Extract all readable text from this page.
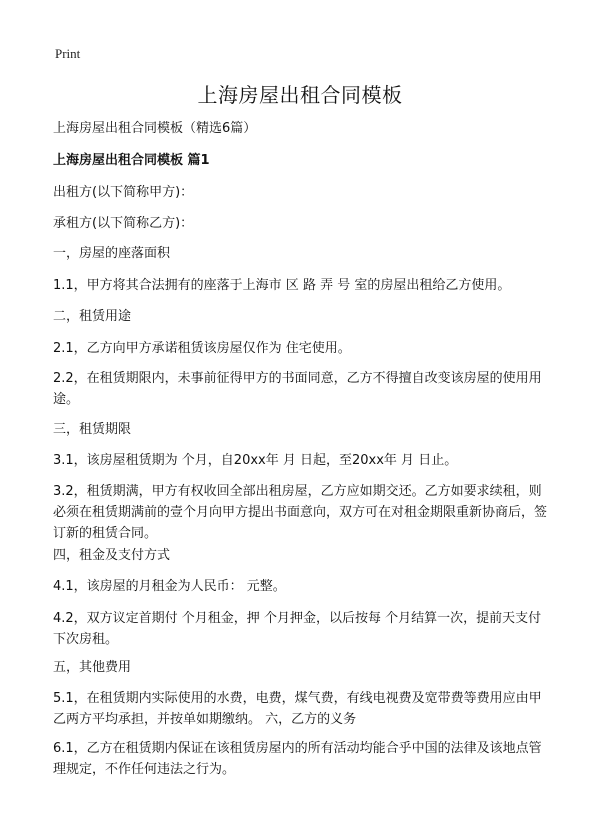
Print
上海房屋出租合同模板

上海房屋出租合同模板（精选6篇）

上海房屋出租合同模板 篇1

出租方(以下简称甲方)：

承租方(以下简称乙方)：

一，房屋的座落面积

1.1，甲方将其合法拥有的座落于上海市 区 路 弄 号 室的房屋出租给乙方使用。

二，租赁用途

2.1，乙方向甲方承诺租赁该房屋仅作为 住宅使用。

2.2，在租赁期限内，未事前征得甲方的书面同意，乙方不得擅自改变该房屋的使用用途。

三，租赁期限

3.1，该房屋租赁期为 个月，自20xx年 月 日起，至20xx年 月 日止。

3.2，租赁期满，甲方有权收回全部出租房屋，乙方应如期交还。乙方如要求续租，则必须在租赁期满前的壹个月向甲方提出书面意向，双方可在对租金期限重新协商后，签订新的租赁合同。

四，租金及支付方式

4.1，该房屋的月租金为人民币： 元整。

4.2，双方议定首期付 个月租金，押 个月押金，以后按每 个月结算一次，提前天支付下次房租。

五，其他费用

5.1，在租赁期内实际使用的水费，电费，煤气费，有线电视费及宽带费等费用应由甲乙两方平均承担，并按单如期缴纳。 六，乙方的义务

6.1，乙方在租赁期内保证在该租赁房屋内的所有活动均能合乎中国的法律及该地点管理规定，不作任何违法之行为。
